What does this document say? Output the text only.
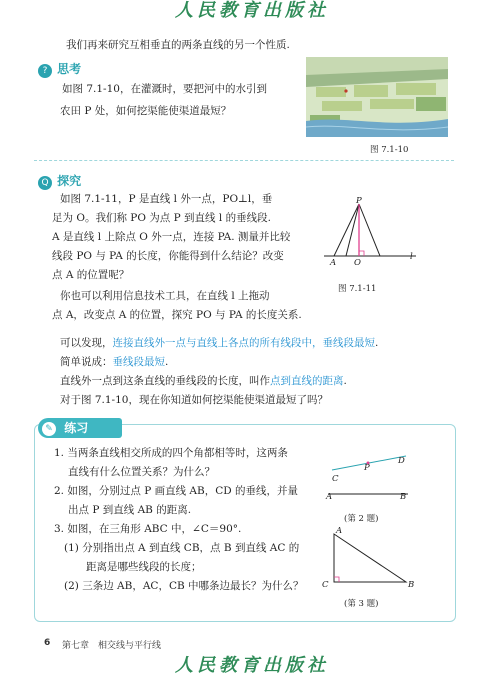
人民教育出版社
我们再来研究互相垂直的两条直线的另一个性质.
? 思考
如图 7.1-10，在灌溉时，要把河中的水引到
农田 P 处，如何挖渠能使渠道最短？
图 7.1-10
Q 探究
如图 7.1-11，P 是直线 l 外一点，PO⊥l，垂
足为 O。我们称 PO 为点 P 到直线 l 的垂线段.
A 是直线 l 上除点 O 外一点，连接 PA. 测量并比较
线段 PO 与 PA 的长度，你能得到什么结论？改变
点 A 的位置呢？
你也可以利用信息技术工具，在直线 l 上拖动
点 A，改变点 A 的位置，探究 PO 与 PA 的长度关系.
P
A O
l
图 7.1-11
可以发现，连接直线外一点与直线上各点的所有线段中，垂线段最短.
简单说成：垂线段最短.
直线外一点到这条直线的垂线段的长度，叫作点到直线的距离.
对于图 7.1-10，现在你知道如何挖渠能使渠道最短了吗？
✎ 练习
1. 当两条直线相交所成的四个角都相等时，这两条
直线有什么位置关系？为什么？
2. 如图，分别过点 P 画直线 AB，CD 的垂线，并量
出点 P 到直线 AB 的距离.
3. 如图，在三角形 ABC 中，∠C＝90°.
(1) 分别指出点 A 到直线 CB，点 B 到直线 AC 的
距离是哪些线段的长度；
(2) 三条边 AB，AC，CB 中哪条边最长？为什么？
C
P
D
A	B
(第 2 题)
A
C	B
(第 3 题)
6 第七章　相交线与平行线
人民教育出版社
